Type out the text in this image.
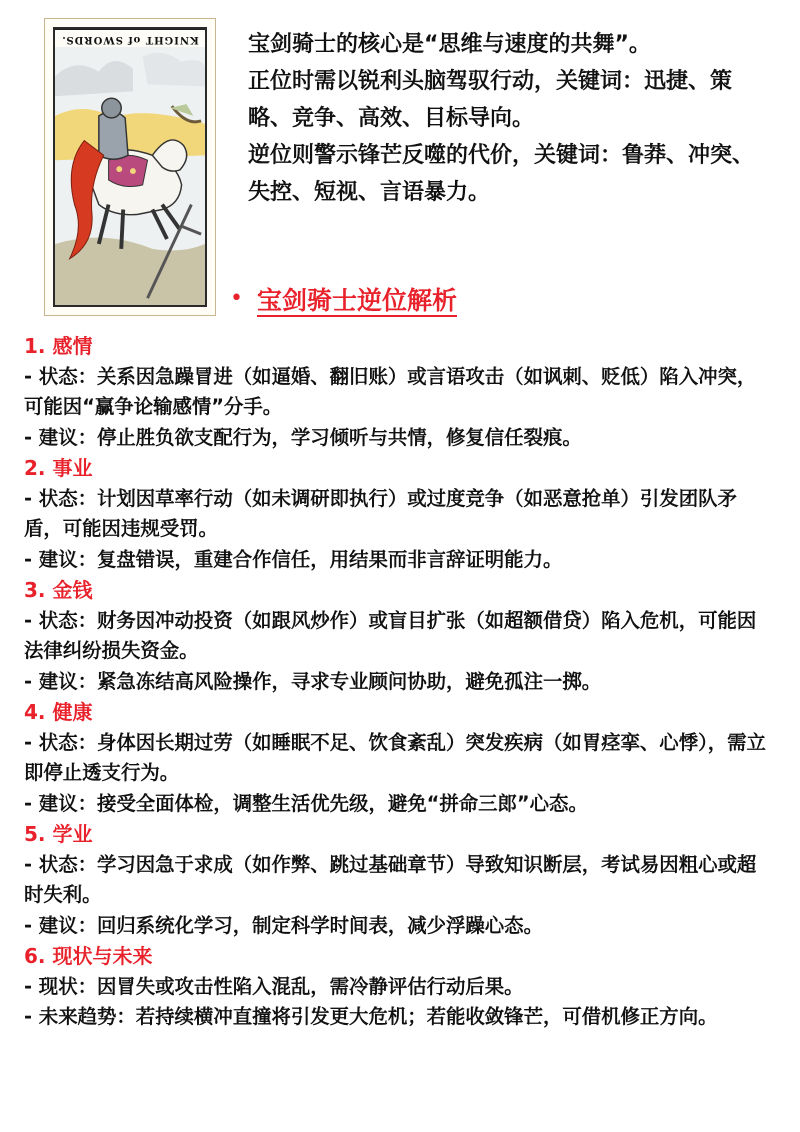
KNIGHT of SWORDS. 宝剑骑士的核心是“思维与速度的共舞”。

正位时需以锐利头脑驾驭行动，关键词：迅捷、策略、竞争、高效、目标导向。

逆位则警示锋芒反噬的代价，关键词：鲁莽、冲突、失控、短视、言语暴力。

• 宝剑骑士逆位解析
1. 感情

- 状态：关系因急躁冒进（如逼婚、翻旧账）或言语攻击（如讽刺、贬低）陷入冲突，可能因“赢争论输感情”分手。

- 建议：停止胜负欲支配行为，学习倾听与共情，修复信任裂痕。

2. 事业

- 状态：计划因草率行动（如未调研即执行）或过度竞争（如恶意抢单）引发团队矛盾，可能因违规受罚。

- 建议：复盘错误，重建合作信任，用结果而非言辞证明能力。

3. 金钱

- 状态：财务因冲动投资（如跟风炒作）或盲目扩张（如超额借贷）陷入危机，可能因法律纠纷损失资金。

- 建议：紧急冻结高风险操作，寻求专业顾问协助，避免孤注一掷。

4. 健康

- 状态：身体因长期过劳（如睡眠不足、饮食紊乱）突发疾病（如胃痉挛、心悸），需立即停止透支行为。

- 建议：接受全面体检，调整生活优先级，避免“拼命三郎”心态。

5. 学业

- 状态：学习因急于求成（如作弊、跳过基础章节）导致知识断层，考试易因粗心或超时失利。

- 建议：回归系统化学习，制定科学时间表，减少浮躁心态。

6. 现状与未来

- 现状：因冒失或攻击性陷入混乱，需冷静评估行动后果。

- 未来趋势：若持续横冲直撞将引发更大危机；若能收敛锋芒，可借机修正方向。
